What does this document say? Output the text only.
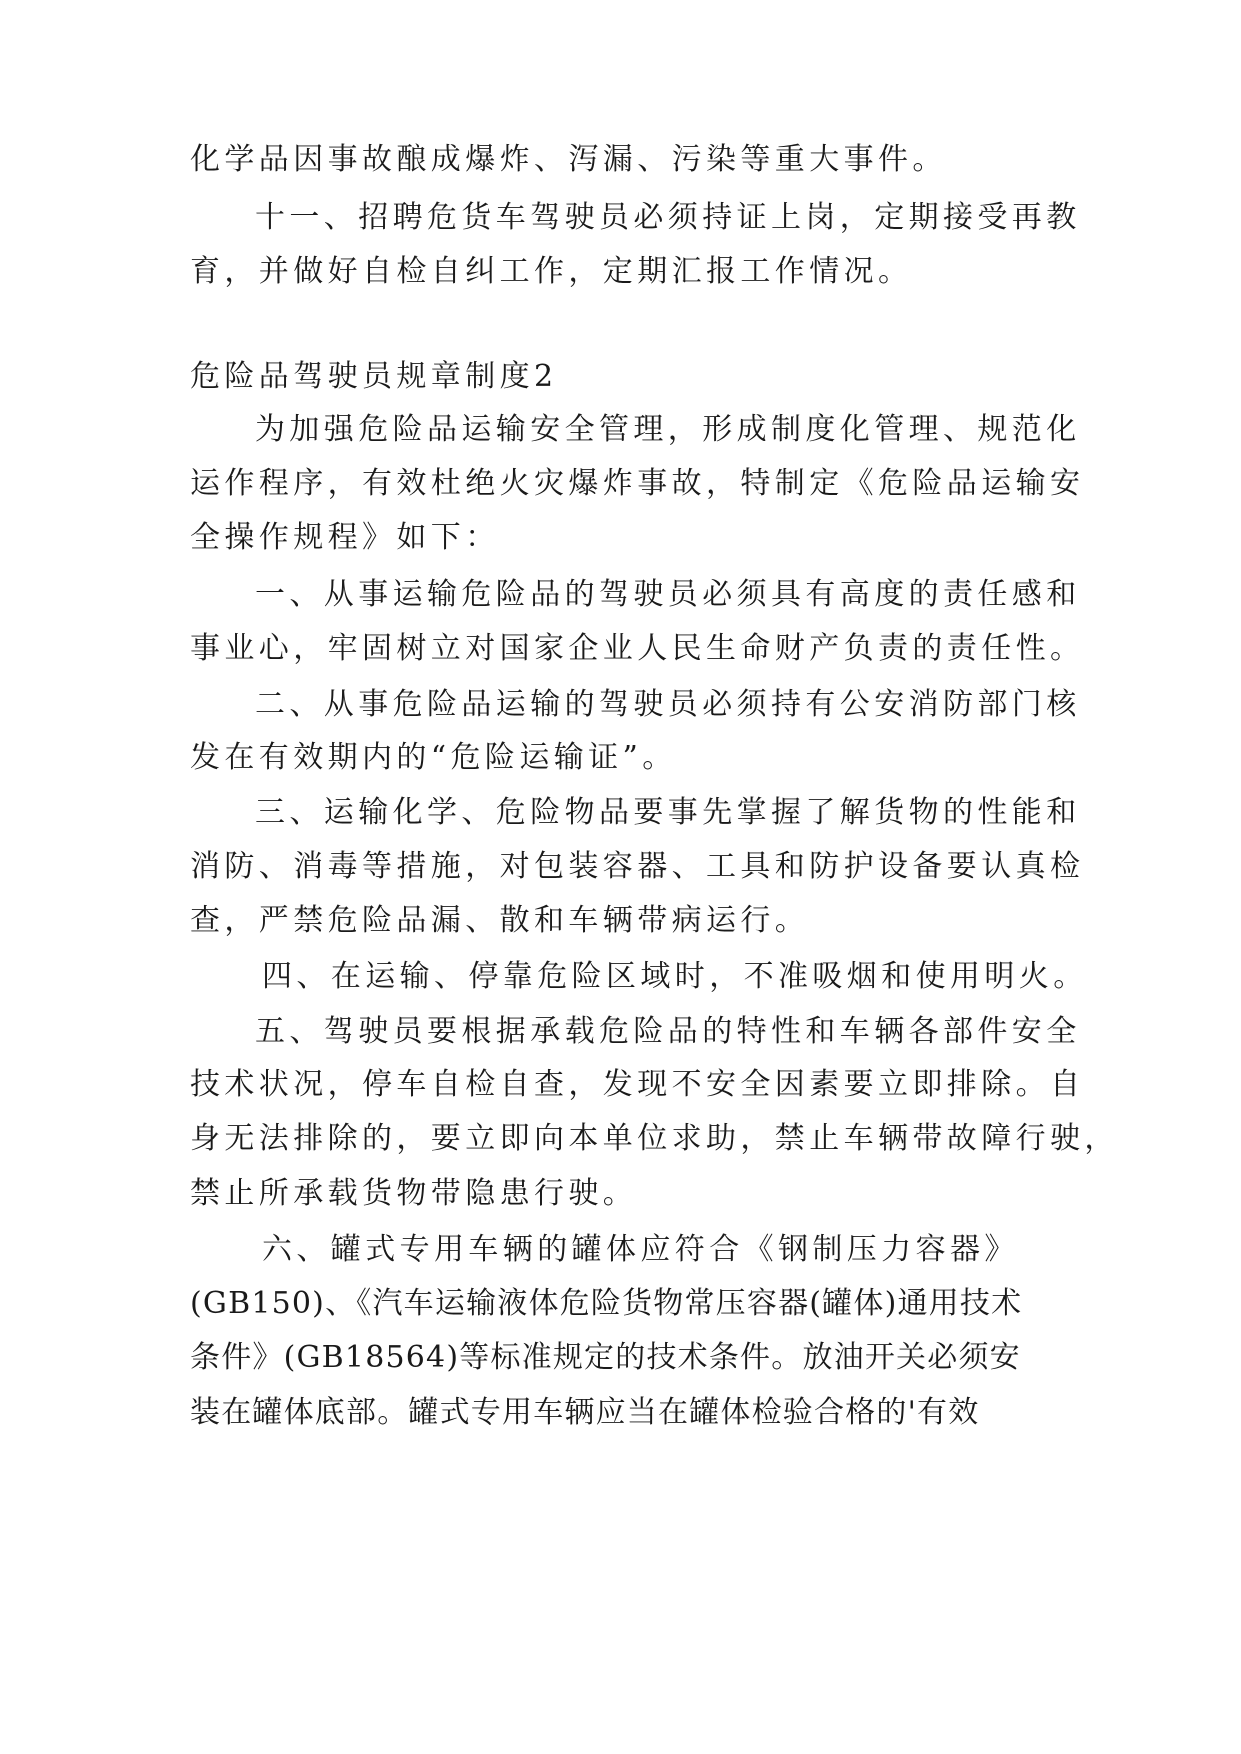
化学品因事故酿成爆炸、泻漏、污染等重大事件。
十一、招聘危货车驾驶员必须持证上岗，定期接受再教
育，并做好自检自纠工作，定期汇报工作情况。
危险品驾驶员规章制度2
为加强危险品运输安全管理，形成制度化管理、规范化
运作程序，有效杜绝火灾爆炸事故，特制定《危险品运输安
全操作规程》如下：
一、从事运输危险品的驾驶员必须具有高度的责任感和
事业心，牢固树立对国家企业人民生命财产负责的责任性。
二、从事危险品运输的驾驶员必须持有公安消防部门核
发在有效期内的“危险运输证”。
三、运输化学、危险物品要事先掌握了解货物的性能和
消防、消毒等措施，对包装容器、工具和防护设备要认真检
查，严禁危险品漏、散和车辆带病运行。
四、在运输、停靠危险区域时，不准吸烟和使用明火。
五、驾驶员要根据承载危险品的特性和车辆各部件安全
技术状况，停车自检自查，发现不安全因素要立即排除。自
身无法排除的，要立即向本单位求助，禁止车辆带故障行驶，
禁止所承载货物带隐患行驶。
六、罐式专用车辆的罐体应符合《钢制压力容器》
(GB150)、《汽车运输液体危险货物常压容器(罐体)通用技术
条件》(GB18564)等标准规定的技术条件。放油开关必须安
装在罐体底部。罐式专用车辆应当在罐体检验合格的'有效
